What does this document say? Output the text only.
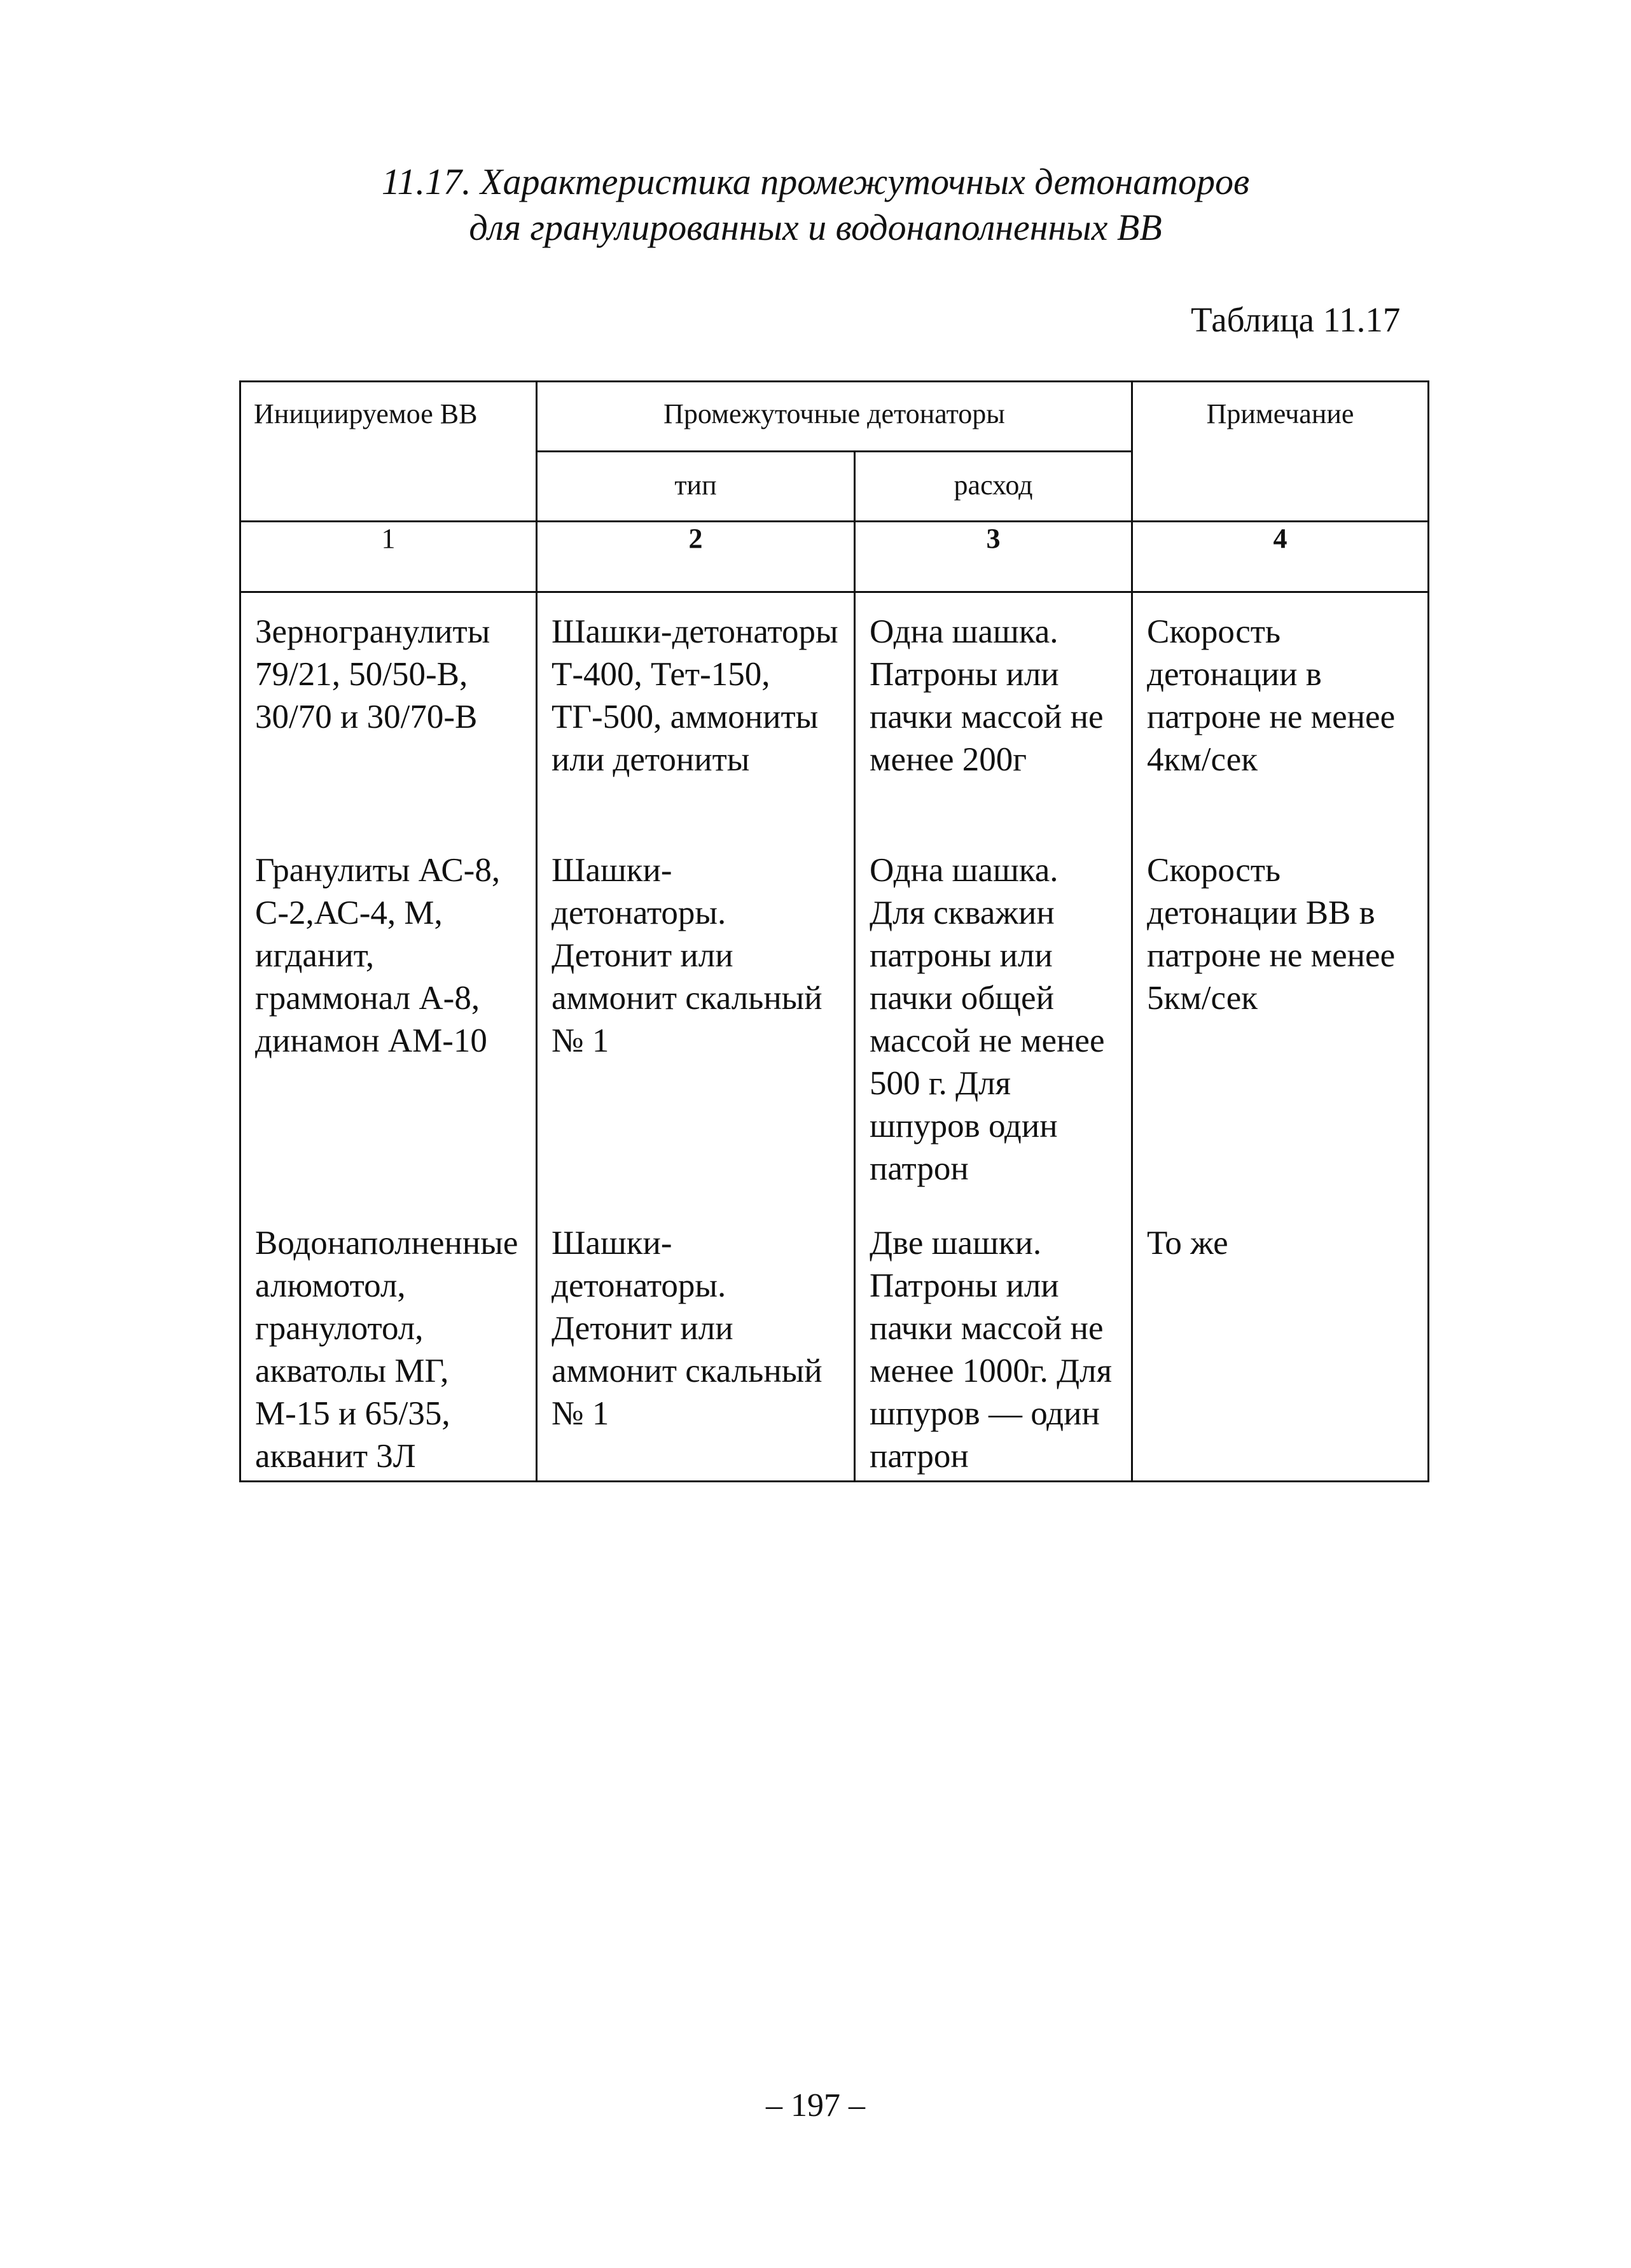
11.17. Характеристика промежуточных детонаторов
для гранулированных и водонаполненных ВВ
Таблица 11.17
Инициируемое ВВ	Промежуточные детонаторы		Примечание

	тип	расход	

1	2	3	4

Зерногранулиты 79/21, 50/50-В, 30/70 и 30/70-В	Шашки-детонаторы Т-400, Тет-150, ТГ-500, аммониты или детониты	Одна шашка. Патроны или пачки массой не менее 200г	Скорость детонации в патроне не менее 4км/сек

Гранулиты АС-8, С-2,АС-4, М, игданит, граммонал А-8, динамон АМ-10	Шашки-детонаторы. Детонит или аммонит скальный № 1	Одна шашка. Для скважин патроны или пачки общей массой не менее 500 г. Для шпуров один патрон	Скорость детонации ВВ в патроне не менее 5км/сек

Водонаполненные алюмотол, гранулотол, акватолы МГ, М-15 и 65/35, акванит 3Л	Шашки-детонаторы. Детонит или аммонит скальный № 1	Две шашки. Патроны или пачки массой не менее 1000г. Для шпуров — один патрон	То же
– 197 –
